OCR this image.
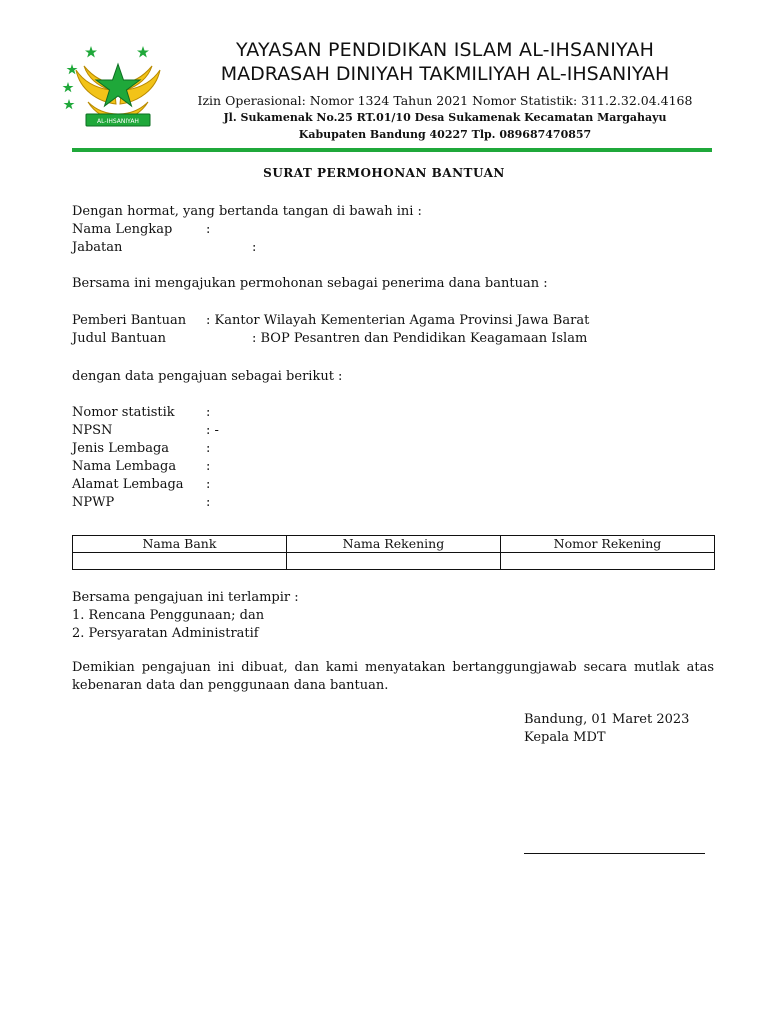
AL-IHSANIYAH
YAYASAN PENDIDIKAN ISLAM AL-IHSANIYAH
MADRASAH DINIYAH TAKMILIYAH AL-IHSANIYAH
Izin Operasional: Nomor 1324 Tahun 2021 Nomor Statistik: 311.2.32.04.4168
Jl. Sukamenak No.25 RT.01/10 Desa Sukamenak Kecamatan Margahayu
Kabupaten Bandung 40227 Tlp. 089687470857
SURAT PERMOHONAN BANTUAN
Dengan hormat, yang bertanda tangan di bawah ini :
Nama Lengkap	:
Jabatan	:
Bersama ini mengajukan permohonan sebagai penerima dana bantuan :
Pemberi Bantuan : Kantor Wilayah Kementerian Agama Provinsi Jawa Barat
Judul Bantuan	: BOP Pesantren dan Pendidikan Keagamaan Islam
dengan data pengajuan sebagai berikut :
Nomor statistik :
NPSN	: -
Jenis Lembaga	:
Nama Lembaga :
Alamat Lembaga :
NPWP	:
Nama Bank	Nama Rekening	Nomor Rekening

Bersama pengajuan ini terlampir :
1. Rencana Penggunaan; dan
2. Persyaratan Administratif
Demikian pengajuan ini dibuat, dan kami menyatakan bertanggungjawab secara mutlak atas kebenaran data dan penggunaan dana bantuan.
Bandung, 01 Maret 2023
Kepala MDT
